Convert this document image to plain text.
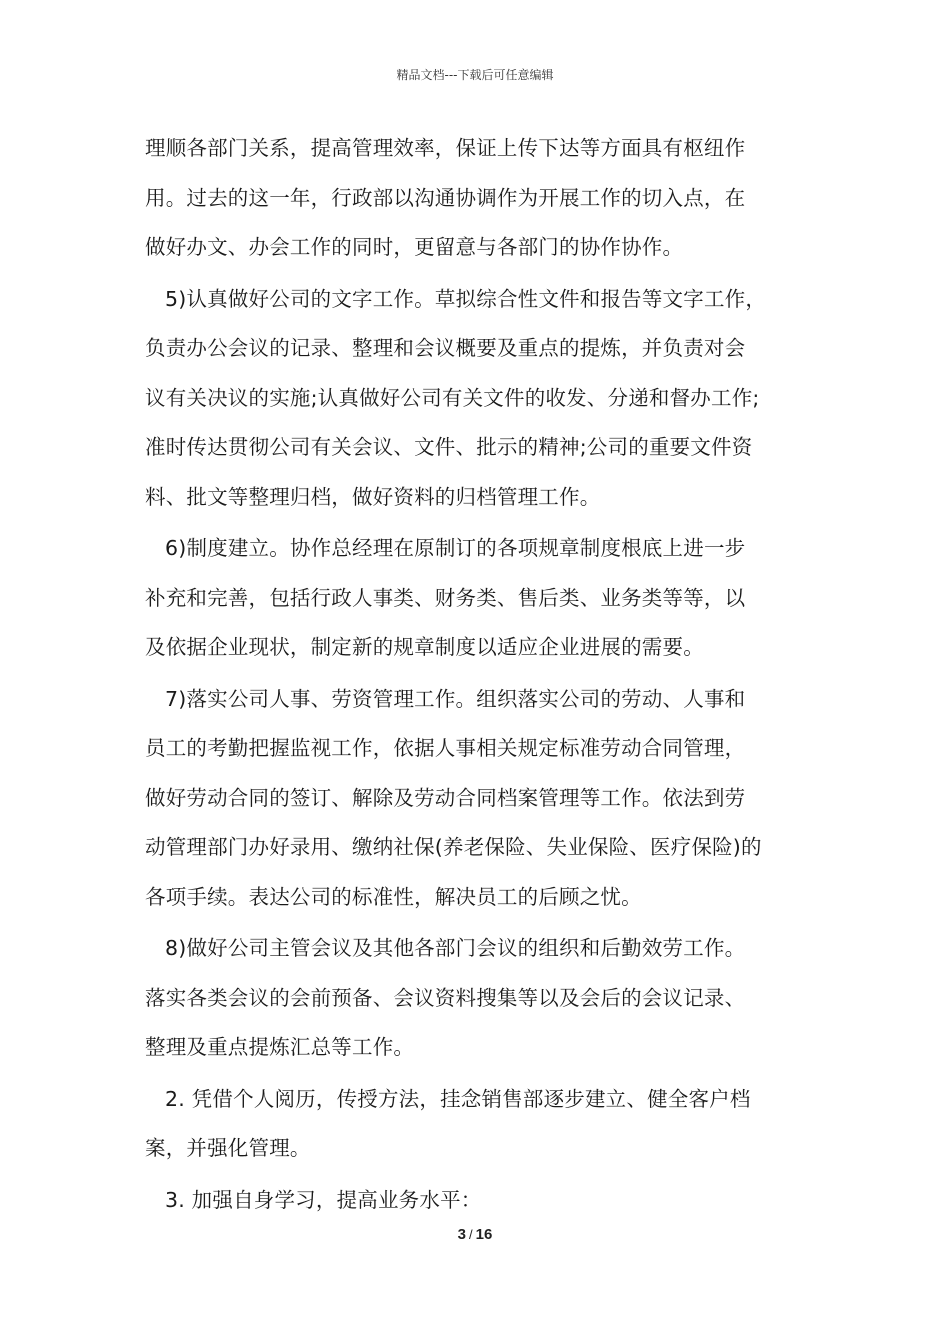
精品文档---下载后可任意编辑
理顺各部门关系，提高管理效率，保证上传下达等方面具有枢纽作
用。过去的这一年，行政部以沟通协调作为开展工作的切入点，在
做好办文、办会工作的同时，更留意与各部门的协作协作。
5)认真做好公司的文字工作。草拟综合性文件和报告等文字工作，
负责办公会议的记录、整理和会议概要及重点的提炼，并负责对会
议有关决议的实施;认真做好公司有关文件的收发、分递和督办工作;
准时传达贯彻公司有关会议、文件、批示的精神;公司的重要文件资
料、批文等整理归档，做好资料的归档管理工作。
6)制度建立。协作总经理在原制订的各项规章制度根底上进一步
补充和完善，包括行政人事类、财务类、售后类、业务类等等，以
及依据企业现状，制定新的规章制度以适应企业进展的需要。
7)落实公司人事、劳资管理工作。组织落实公司的劳动、人事和
员工的考勤把握监视工作，依据人事相关规定标准劳动合同管理，
做好劳动合同的签订、解除及劳动合同档案管理等工作。依法到劳
动管理部门办好录用、缴纳社保(养老保险、失业保险、医疗保险)的
各项手续。表达公司的标准性，解决员工的后顾之忧。
8)做好公司主管会议及其他各部门会议的组织和后勤效劳工作。
落实各类会议的会前预备、会议资料搜集等以及会后的会议记录、
整理及重点提炼汇总等工作。
2. 凭借个人阅历，传授方法，挂念销售部逐步建立、健全客户档
案，并强化管理。
3. 加强自身学习，提高业务水平：
3 / 16
